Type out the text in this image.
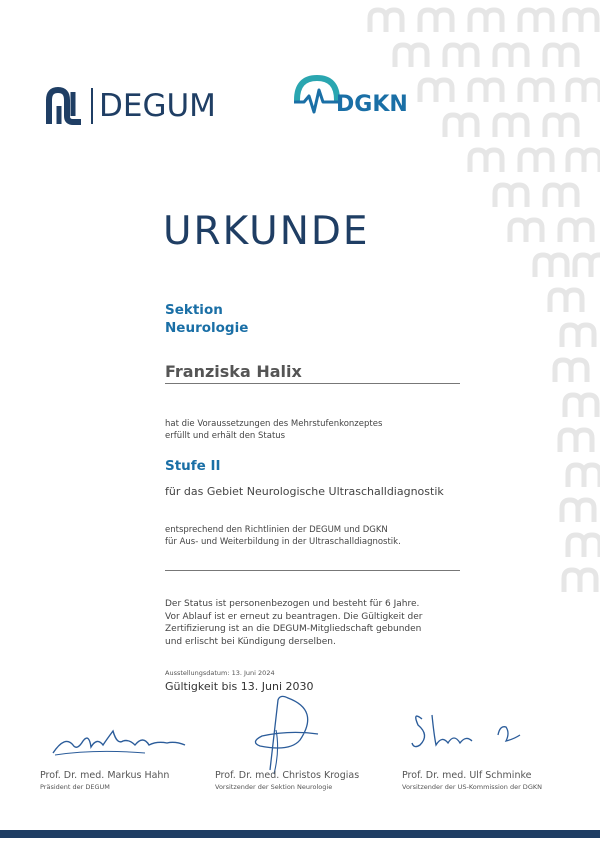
DEGUM	DGKN
URKUNDE
Sektion
Neurologie
Franziska Halix
hat die Voraussetzungen des Mehrstufenkonzeptes
erfüllt und erhält den Status
Stufe II
für das Gebiet Neurologische Ultraschalldiagnostik
entsprechend den Richtlinien der DEGUM und DGKN
für Aus- und Weiterbildung in der Ultraschalldiagnostik.
Der Status ist personenbezogen und besteht für 6 Jahre.
Vor Ablauf ist er erneut zu beantragen. Die Gültigkeit der
Zertifizierung ist an die DEGUM-Mitgliedschaft gebunden
und erlischt bei Kündigung derselben.
Ausstellungsdatum: 13. Juni 2024
Gültigkeit bis 13. Juni 2030
Prof. Dr. med. Markus Hahn
Präsident der DEGUM
Prof. Dr. med. Christos Krogias
Vorsitzender der Sektion Neurologie
Prof. Dr. med. Ulf Schminke
Vorsitzender der US-Kommission der DGKN
